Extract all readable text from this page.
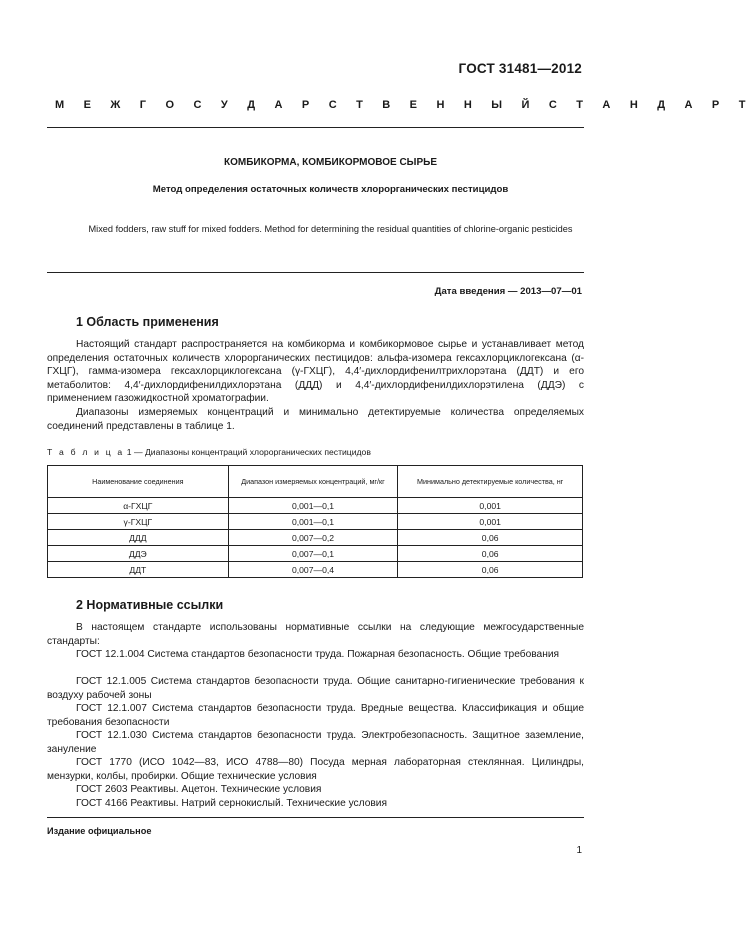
ГОСТ 31481—2012
М Е Ж Г О С У Д А Р С Т В Е Н Н Ы Й С Т А Н Д А Р Т
КОМБИКОРМА, КОМБИКОРМОВОЕ СЫРЬЕ
Метод определения остаточных количеств хлорорганических пестицидов
Mixed fodders, raw stuff for mixed fodders. Method for determining the residual quantities of chlorine-organic pesticides
Дата введения — 2013—07—01
1 Область применения
Настоящий стандарт распространяется на комбикорма и комбикормовое сырье и устанавливает метод определения остаточных количеств хлорорганических пестицидов: альфа-изомера гексахлорциклогексана (α-ГХЦГ), гамма-изомера гексахлорциклогексана (γ-ГХЦГ), 4,4′-дихлордифенилтрихлорэтана (ДДТ) и его метаболитов: 4,4′-дихлордифенилдихлорэтана (ДДД) и 4,4′-дихлордифенилдихлорэтилена (ДДЭ) с применением газожидкостной хроматографии.
Диапазоны измеряемых концентраций и минимально детектируемые количества определяемых соединений представлены в таблице 1.
Т а б л и ц а 1 — Диапазоны концентраций хлорорганических пестицидов
Наименование соединения	Диапазон измеряемых концентраций, мг/кг	Минимально детектируемые количества, нг
α-ГХЦГ	0,001—0,1	0,001
γ-ГХЦГ	0,001—0,1	0,001
ДДД	0,007—0,2	0,06
ДДЭ	0,007—0,1	0,06
ДДТ	0,007—0,4	0,06
2 Нормативные ссылки
В настоящем стандарте использованы нормативные ссылки на следующие межгосударственные стандарты:
ГОСТ 12.1.004 Система стандартов безопасности труда. Пожарная безопасность. Общие требования
ГОСТ 12.1.005 Система стандартов безопасности труда. Общие санитарно-гигиенические требования к воздуху рабочей зоны
ГОСТ 12.1.007 Система стандартов безопасности труда. Вредные вещества. Классификация и общие требования безопасности
ГОСТ 12.1.030 Система стандартов безопасности труда. Электробезопасность. Защитное заземление, зануление
ГОСТ 1770 (ИСО 1042—83, ИСО 4788—80) Посуда мерная лабораторная стеклянная. Цилиндры, мензурки, колбы, пробирки. Общие технические условия
ГОСТ 2603 Реактивы. Ацетон. Технические условия
ГОСТ 4166 Реактивы. Натрий сернокислый. Технические условия
Издание официальное
1
